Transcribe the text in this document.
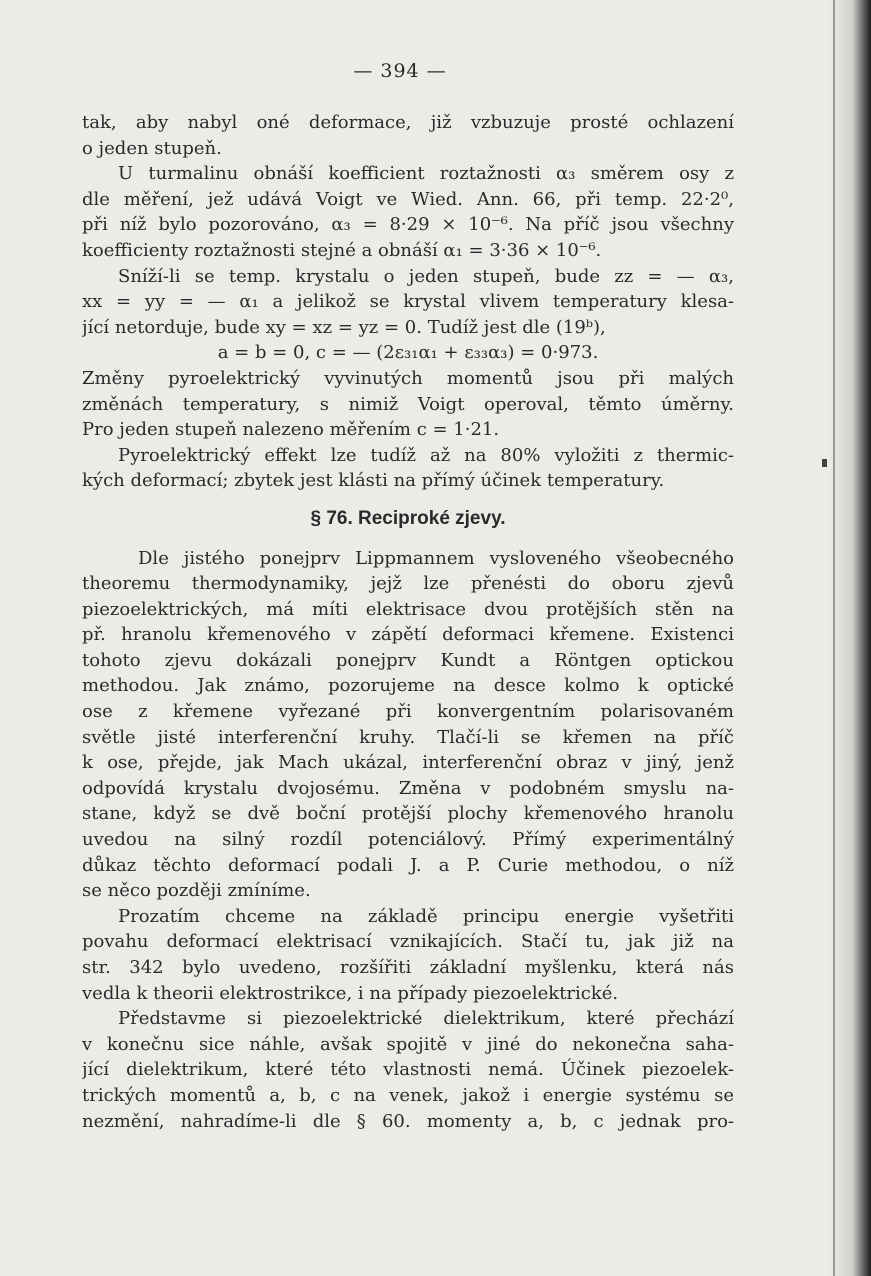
— 394 —
tak, aby nabyl oné deformace, již vzbuzuje prosté ochlazení
o jeden stupeň.
U turmalinu obnáší koefficient roztažnosti α₃ směrem osy z
dle měření, jež udává Voigt ve Wied. Ann. 66, při temp. 22·2⁰,
při níž bylo pozorováno, α₃ = 8·29 × 10⁻⁶. Na příč jsou všechny
koefficienty roztažnosti stejné a obnáší α₁ = 3·36 × 10⁻⁶.
Sníží-li se temp. krystalu o jeden stupeň, bude zz = — α₃,
xx = yy = — α₁ a jelikož se krystal vlivem temperatury klesa-
jící netorduje, bude xy = xz = yz = 0. Tudíž jest dle (19ᵇ),
a = b = 0, c = — (2ε₃₁α₁ + ε₃₃α₃) = 0·973.
Změny pyroelektrický vyvinutých momentů jsou při malých
změnách temperatury, s nimiž Voigt operoval, těmto úměrny.
Pro jeden stupeň nalezeno měřením c = 1·21.
Pyroelektrický effekt lze tudíž až na 80% vyložiti z thermic-
kých deformací; zbytek jest klásti na přímý účinek temperatury.
§ 76. Reciproké zjevy.
Dle jistého ponejprv Lippmannem vysloveného všeobecného
theoremu thermodynamiky, jejž lze přenésti do oboru zjevů
piezoelektrických, má míti elektrisace dvou protějších stěn na
př. hranolu křemenového v zápětí deformaci křemene. Existenci
tohoto zjevu dokázali ponejprv Kundt a Röntgen optickou
methodou. Jak známo, pozorujeme na desce kolmo k optické
ose z křemene vyřezané při konvergentním polarisovaném
světle jisté interferenční kruhy. Tlačí-li se křemen na příč
k ose, přejde, jak Mach ukázal, interferenční obraz v jiný, jenž
odpovídá krystalu dvojosému. Změna v podobném smyslu na-
stane, když se dvě boční protější plochy křemenového hranolu
uvedou na silný rozdíl potenciálový. Přímý experimentálný
důkaz těchto deformací podali J. a P. Curie methodou, o níž
se něco později zmíníme.
Prozatím chceme na základě principu energie vyšetřiti
povahu deformací elektrisací vznikajících. Stačí tu, jak již na
str. 342 bylo uvedeno, rozšířiti základní myšlenku, která nás
vedla k theorii elektrostrikce, i na případy piezoelektrické.
Představme si piezoelektrické dielektrikum, které přechází
v konečnu sice náhle, avšak spojitě v jiné do nekonečna saha-
jící dielektrikum, které této vlastnosti nemá. Účinek piezoelek-
trických momentů a, b, c na venek, jakož i energie systému se
nezmění, nahradíme-li dle § 60. momenty a, b, c jednak pro-
